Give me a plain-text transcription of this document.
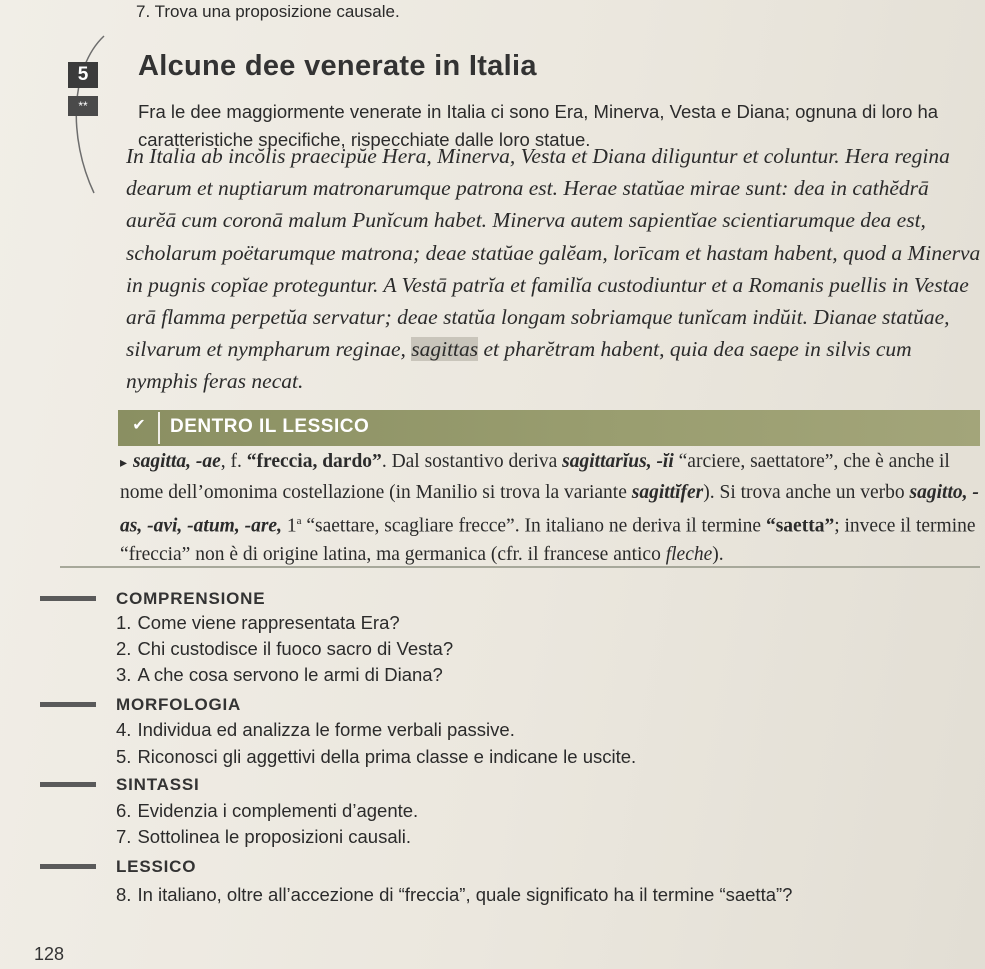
7. Trova una proposizione causale.
5
**
Alcune dee venerate in Italia
Fra le dee maggiormente venerate in Italia ci sono Era, Minerva, Vesta e Diana; ognuna di loro ha caratteristiche specifiche, rispecchiate dalle loro statue.
In Italia ab incŏlis praecipŭe Hera, Minerva, Vesta et Diana diliguntur et coluntur. Hera regina dearum et nuptiarum matronarumque patrona est. Herae statŭae mirae sunt: dea in cathĕdrā aurĕā cum coronā malum Punĭcum habet. Minerva autem sapientĭae scientiarumque dea est, scholarum poëtarumque matrona; deae statŭae galĕam, lorīcam et hastam habent, quod a Minerva in pugnis copĭae proteguntur. A Vestā patrĭa et familĭa custodiuntur et a Romanis puellis in Vestae arā flamma perpetŭa servatur; deae statŭa longam sobriamque tunĭcam indŭit. Dianae statŭae, silvarum et nympharum reginae, sagittas et pharĕtram habent, quia dea saepe in silvis cum nymphis feras necat.
✔ DENTRO IL LESSICO
▸ sagitta, -ae, f. “freccia, dardo”. Dal sostantivo deriva sagittarĭus, -ĭi “arciere, saettatore”, che è anche il nome dell’omonima costellazione (in Manilio si trova la variante sagittĭfer). Si trova anche un verbo sagitto, -as, -avi, -atum, -are, 1$^a$ “saettare, scagliare frecce”. In italiano ne deriva il termine “saetta”; invece il termine “freccia” non è di origine latina, ma germanica (cfr. il francese antico fleche).
COMPRENSIONE
1. Come viene rappresentata Era?
2. Chi custodisce il fuoco sacro di Vesta?
3. A che cosa servono le armi di Diana?
MORFOLOGIA
4. Individua ed analizza le forme verbali passive.
5. Riconosci gli aggettivi della prima classe e indicane le uscite.
SINTASSI
6. Evidenzia i complementi d’agente.
7. Sottolinea le proposizioni causali.
LESSICO
8. In italiano, oltre all’accezione di “freccia”, quale significato ha il termine “saetta”?
128
